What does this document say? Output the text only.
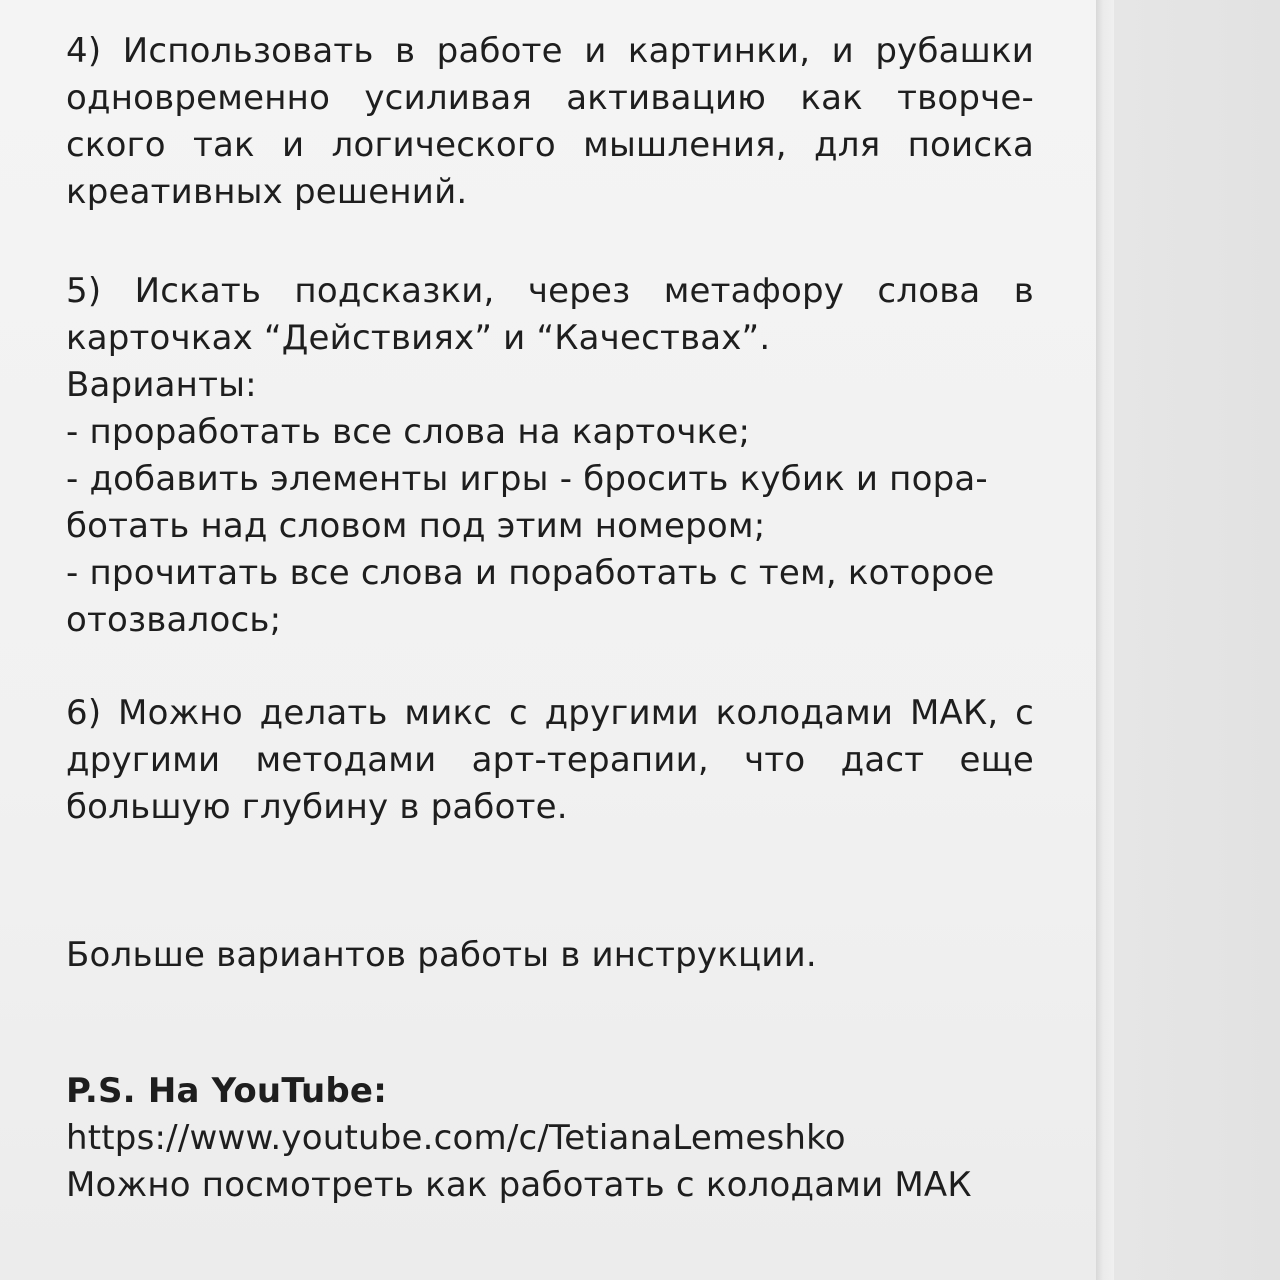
4) Использовать в работе и картинки, и рубашки
одновременно усиливая активацию как творче-
ского так и логического мышления, для поиска
креативных решений.
5) Искать подсказки, через метафору слова в
карточках “Действиях” и “Качествах”.
Варианты:
- проработать все слова на карточке;
- добавить элементы игры - бросить кубик и пора-
ботать над словом под этим номером;
- прочитать все слова и поработать с тем, которое
отозвалось;
6) Можно делать микс с другими колодами МАК, с
другими методами арт-терапии, что даст еще
большую глубину в работе.
Больше вариантов работы в инструкции.
P.S. На YouTube:
https://www.youtube.com/c/TetianaLemeshko
Можно посмотреть как работать с колодами МАК
